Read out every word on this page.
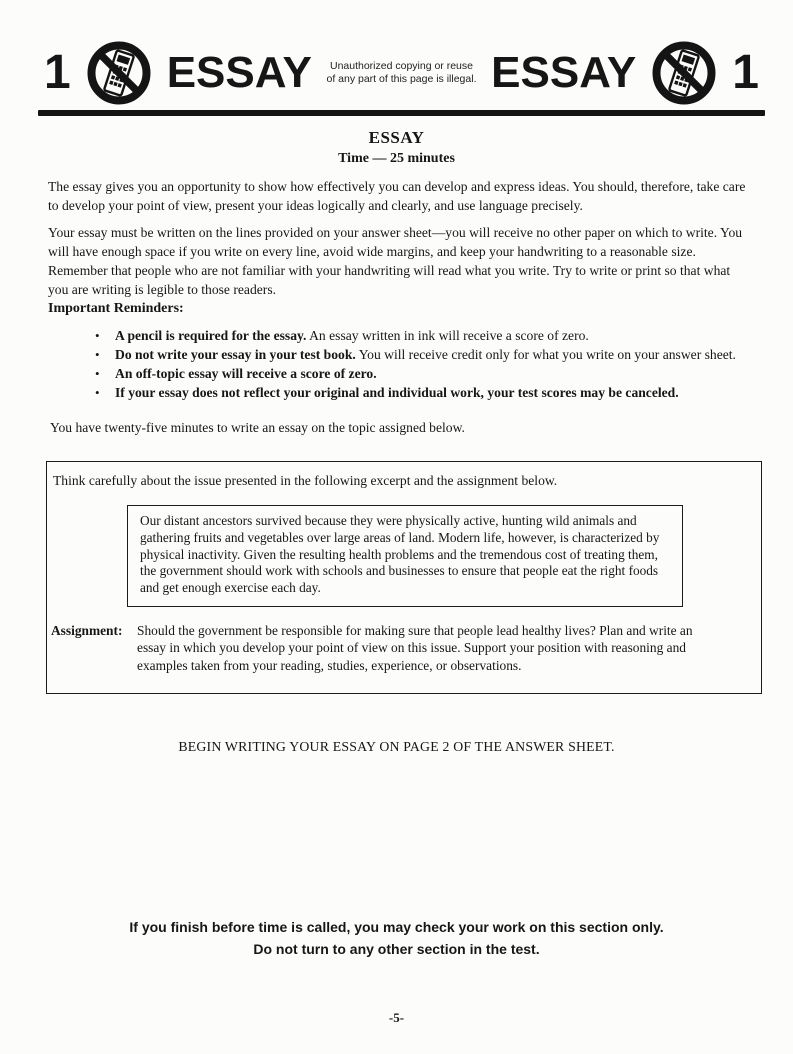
1 ESSAY	Unauthorized copying or reuse of any part of this page is illegal. ESSAY 1
ESSAY
Time — 25 minutes

The essay gives you an opportunity to show how effectively you can develop and express ideas. You should, therefore, take care to develop your point of view, present your ideas logically and clearly, and use language precisely.

Your essay must be written on the lines provided on your answer sheet—you will receive no other paper on which to write. You will have enough space if you write on every line, avoid wide margins, and keep your handwriting to a reasonable size. Remember that people who are not familiar with your handwriting will read what you write. Try to write or print so that what you are writing is legible to those readers.

Important Reminders:
•	A pencil is required for the essay. An essay written in ink will receive a score of zero.
•	Do not write your essay in your test book. You will receive credit only for what you write on your answer sheet.
•	An off-topic essay will receive a score of zero.
•	If your essay does not reflect your original and individual work, your test scores may be canceled.
You have twenty-five minutes to write an essay on the topic assigned below.
Think carefully about the issue presented in the following excerpt and the assignment below.
Our distant ancestors survived because they were physically active, hunting wild animals and gathering fruits and vegetables over large areas of land. Modern life, however, is characterized by physical inactivity. Given the resulting health problems and the tremendous cost of treating them, the government should work with schools and businesses to ensure that people eat the right foods and get enough exercise each day.
Assignment:	Should the government be responsible for making sure that people lead healthy lives? Plan and write an essay in which you develop your point of view on this issue. Support your position with reasoning and examples taken from your reading, studies, experience, or observations.
BEGIN WRITING YOUR ESSAY ON PAGE 2 OF THE ANSWER SHEET.
If you finish before time is called, you may check your work on this section only.
Do not turn to any other section in the test.
-5-
